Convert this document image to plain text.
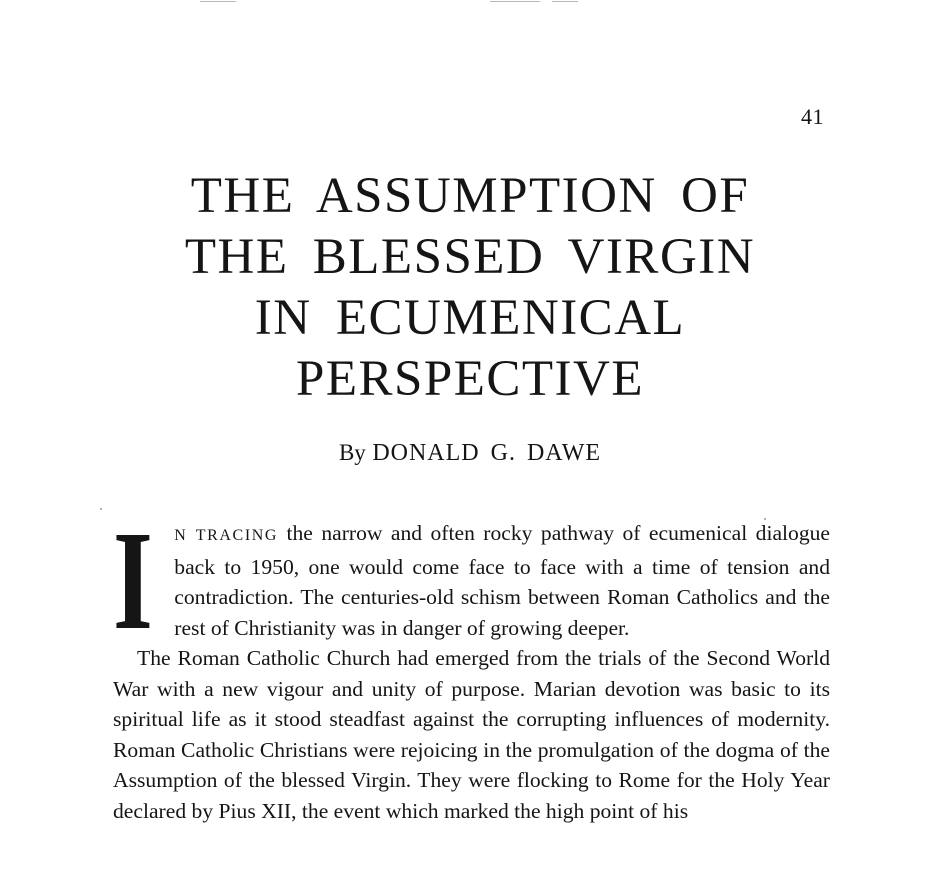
41
THE ASSUMPTION OF
THE BLESSED VIRGIN
IN ECUMENICAL
PERSPECTIVE
By DONALD G. DAWE

I	N TRACING the narrow and often rocky pathway of ecumenical dialogue back to 1950, one would come face to face with a time of tension and contradiction. The centuries-old schism between Roman Catholics and the rest of Christianity was in danger of growing deeper.

The Roman Catholic Church had emerged from the trials of the Second World War with a new vigour and unity of purpose. Marian devotion was basic to its spiritual life as it stood steadfast against the corrupting influences of modernity. Roman Catholic Christians were rejoicing in the promulgation of the dogma of the Assumption of the blessed Virgin. They were flocking to Rome for the Holy Year declared by Pius XII, the event which marked the high point of his
